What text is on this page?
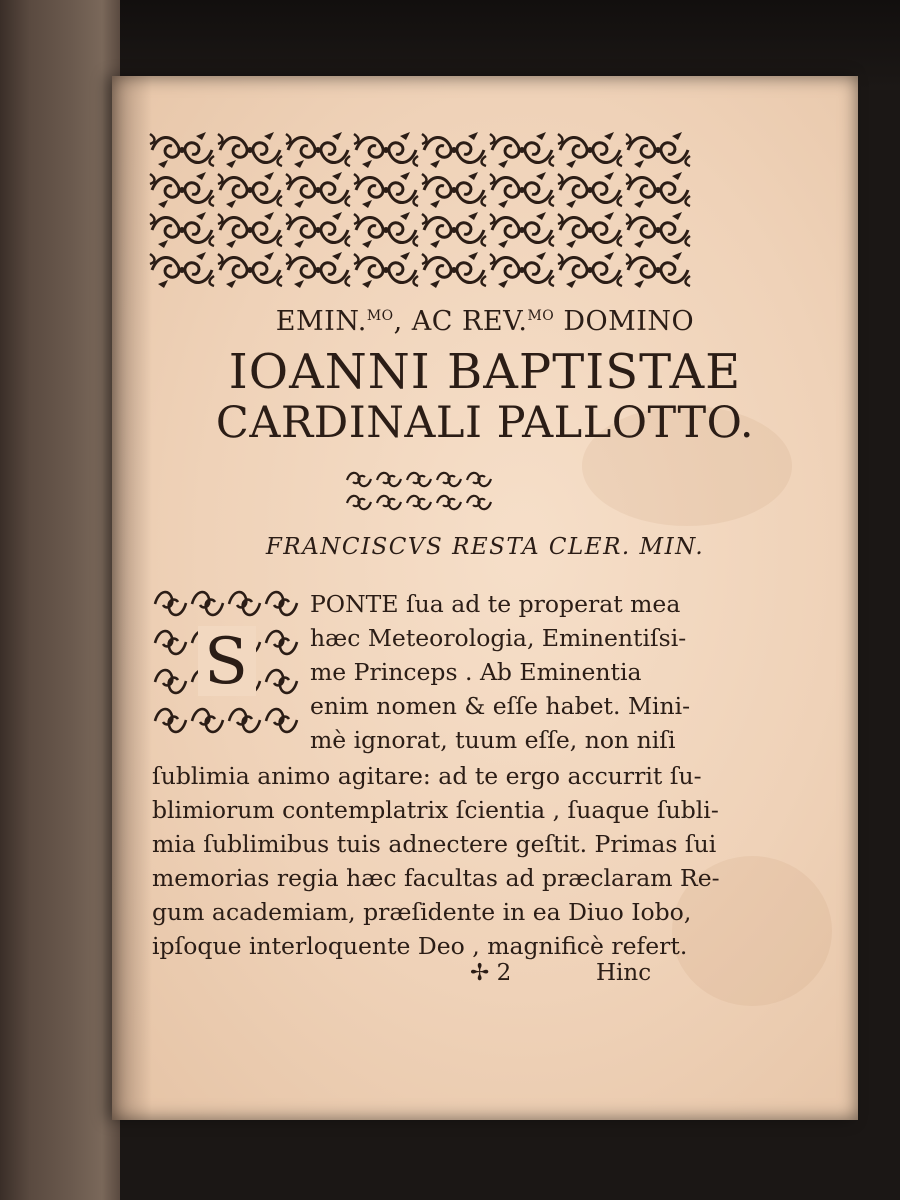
EMIN.$^{MO}$, AC REV.$^{MO}$ DOMINO
IOANNI BAPTISTAE
CARDINALI PALLOTTO.
FRANCISCVS RESTA CLER. MIN.
S
PONTE ſua ad te properat mea
hæc Meteorologia, Eminentiſsi-
me Princeps . Ab Eminentia
enim nomen & eſſe habet. Mini-
mè ignorat, tuum eſſe, non niſi
ſublimia animo agitare: ad te ergo accurrit ſu-
blimiorum contemplatrix ſcientia , ſuaque ſubli-
mia ſublimibus tuis adnectere geſtit. Primas ſui
memorias regia hæc facultas ad præclaram Re-
gum academiam, præſidente in ea Diuo Iobo,
ipſoque interloquente Deo , magnificè refert.
✢ 2	Hinc
